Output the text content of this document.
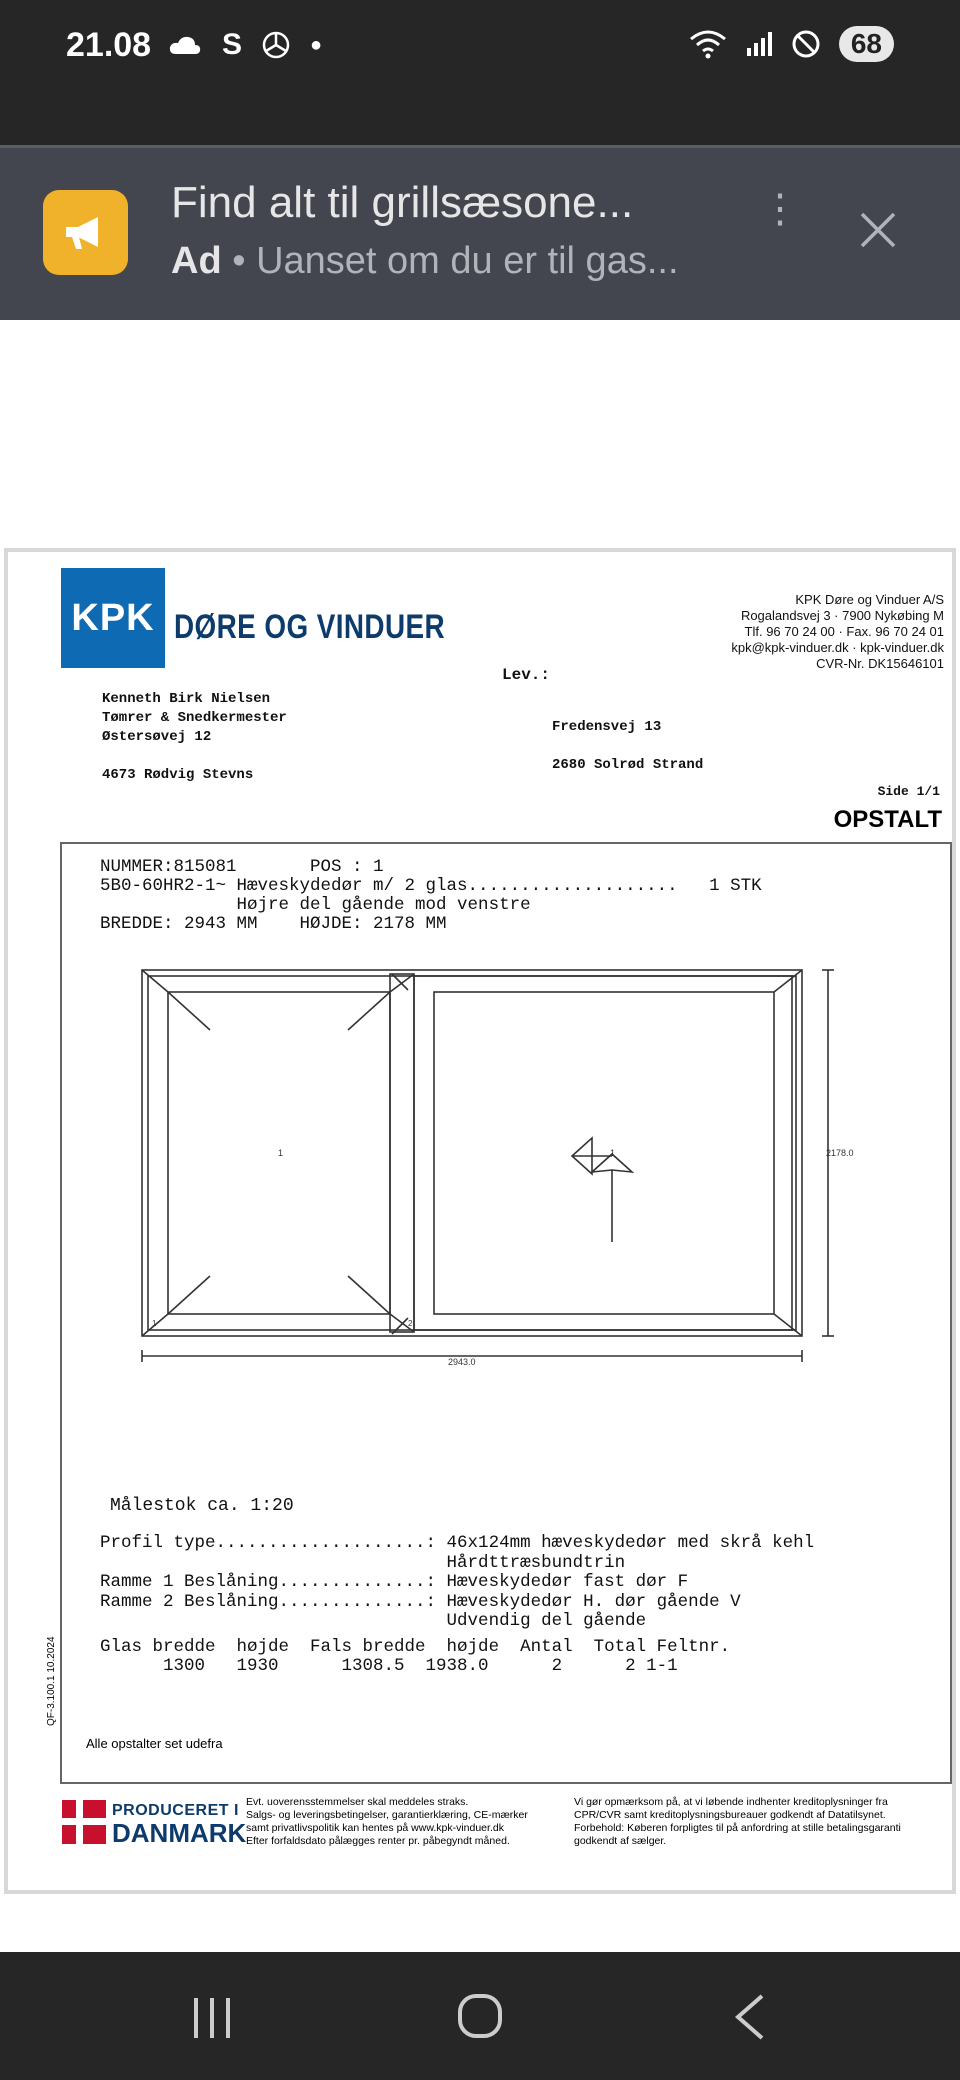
21.08 S	●	68
Find alt til grillsæsone...
Ad • Uanset om du er til gas...
⋮
KPK DØRE OG VINDUER
KPK Døre og Vinduer A/S
Rogalandsvej 3 · 7900 Nykøbing M
Tlf. 96 70 24 00 · Fax. 96 70 24 01
kpk@kpk-vinduer.dk · kpk-vinduer.dk
CVR-Nr. DK15646101
Lev.:
Kenneth Birk Nielsen
Tømrer & Snedkermester
Østersøvej 12
4673 Rødvig Stevns
Fredensvej 13
2680 Solrød Strand
Side 1/1
OPSTALT
NUMMER:815081       POS : 1
5B0-60HR2-1~ Hæveskydedør m/ 2 glas....................   1 STK
Højre del gående mod venstre
BREDDE: 2943 MM    HØJDE: 2178 MM
1	1	2178.0
2943.0
1	2
Målestok ca. 1:20
Profil type....................: 46x124mm hæveskydedør med skrå kehl
Hårdttræsbundtrin
Ramme 1 Beslåning..............: Hæveskydedør fast dør F
Ramme 2 Beslåning..............: Hæveskydedør H. dør gående V
Udvendig del gående
Glas bredde  højde  Fals bredde  højde  Antal  Total Feltnr.
1300   1930      1308.5  1938.0      2      2 1-1
Alle opstalter set udefra
QF-3.100.1 10.2024
PRODUCERET I
DANMARK
Evt. uoverensstemmelser skal meddeles straks.
Salgs- og leveringsbetingelser, garantierklæring, CE-mærker
samt privatlivspolitik kan hentes på www.kpk-vinduer.dk
Efter forfaldsdato pålægges renter pr. påbegyndt måned.
Vi gør opmærksom på, at vi løbende indhenter kreditoplysninger fra
CPR/CVR samt kreditoplysningsbureauer godkendt af Datatilsynet.
Forbehold: Køberen forpligtes til på anfordring at stille betalingsgaranti
godkendt af sælger.
